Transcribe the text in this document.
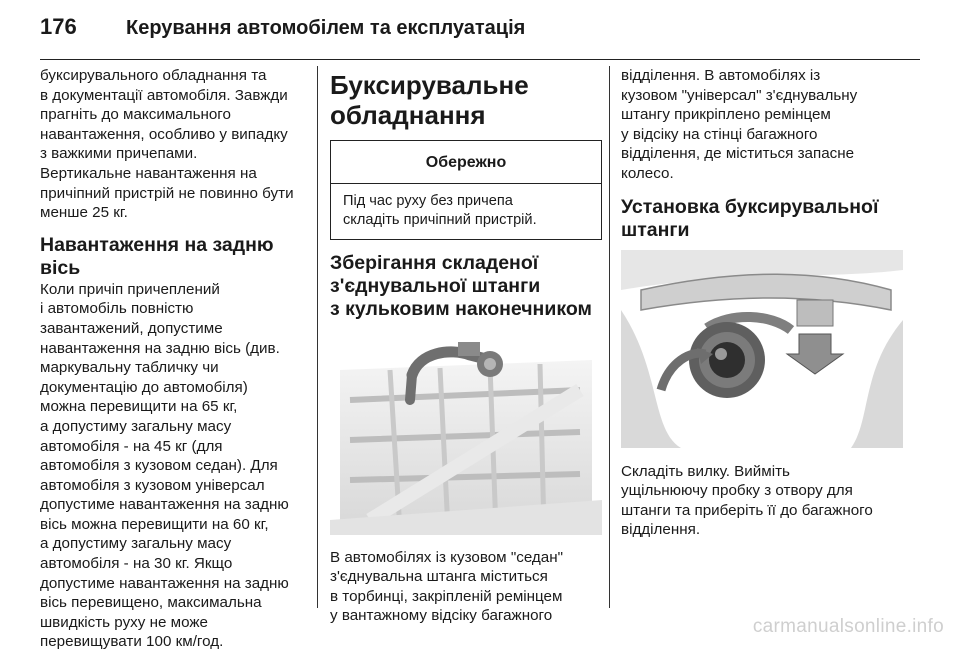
176	Керування автомобілем та експлуатація
буксирувального обладнання та
в документації автомобіля. Завжди
прагніть до максимального
навантаження, особливо у випадку
з важкими причепами.
Вертикальне навантаження на
причіпний пристрій не повинно бути
менше 25 кг.
Навантаження на задню вісь
Коли причіп причеплений
і автомобіль повністю
завантажений, допустиме
навантаження на задню вісь (див.
маркувальну табличку чи
документацію до автомобіля)
можна перевищити на 65 кг,
а допустиму загальну масу
автомобіля - на 45 кг (для
автомобіля з кузовом седан). Для
автомобіля з кузовом універсал
допустиме навантаження на задню
вісь можна перевищити на 60 кг,
а допустиму загальну масу
автомобіля - на 30 кг. Якщо
допустиме навантаження на задню
вісь перевищено, максимальна
швидкість руху не може
перевищувати 100 км/год.
Буксирувальне
обладнання
Обережно
Під час руху без причепа
складіть причіпний пристрій.
Зберігання складеної
з'єднувальної штанги
з кульковим наконечником
В автомобілях із кузовом "седан"
з'єднувальна штанга міститься
в торбинці, закріпленій ремінцем
у вантажному відсіку багажного
відділення. В автомобілях із
кузовом "універсал" з'єднувальну
штангу прикріплено ремінцем
у відсіку на стінці багажного
відділення, де міститься запасне
колесо.
Установка буксирувальної
штанги
Складіть вилку. Вийміть
ущільнюючу пробку з отвору для
штанги та приберіть її до багажного
відділення.
carmanualsonline.info
